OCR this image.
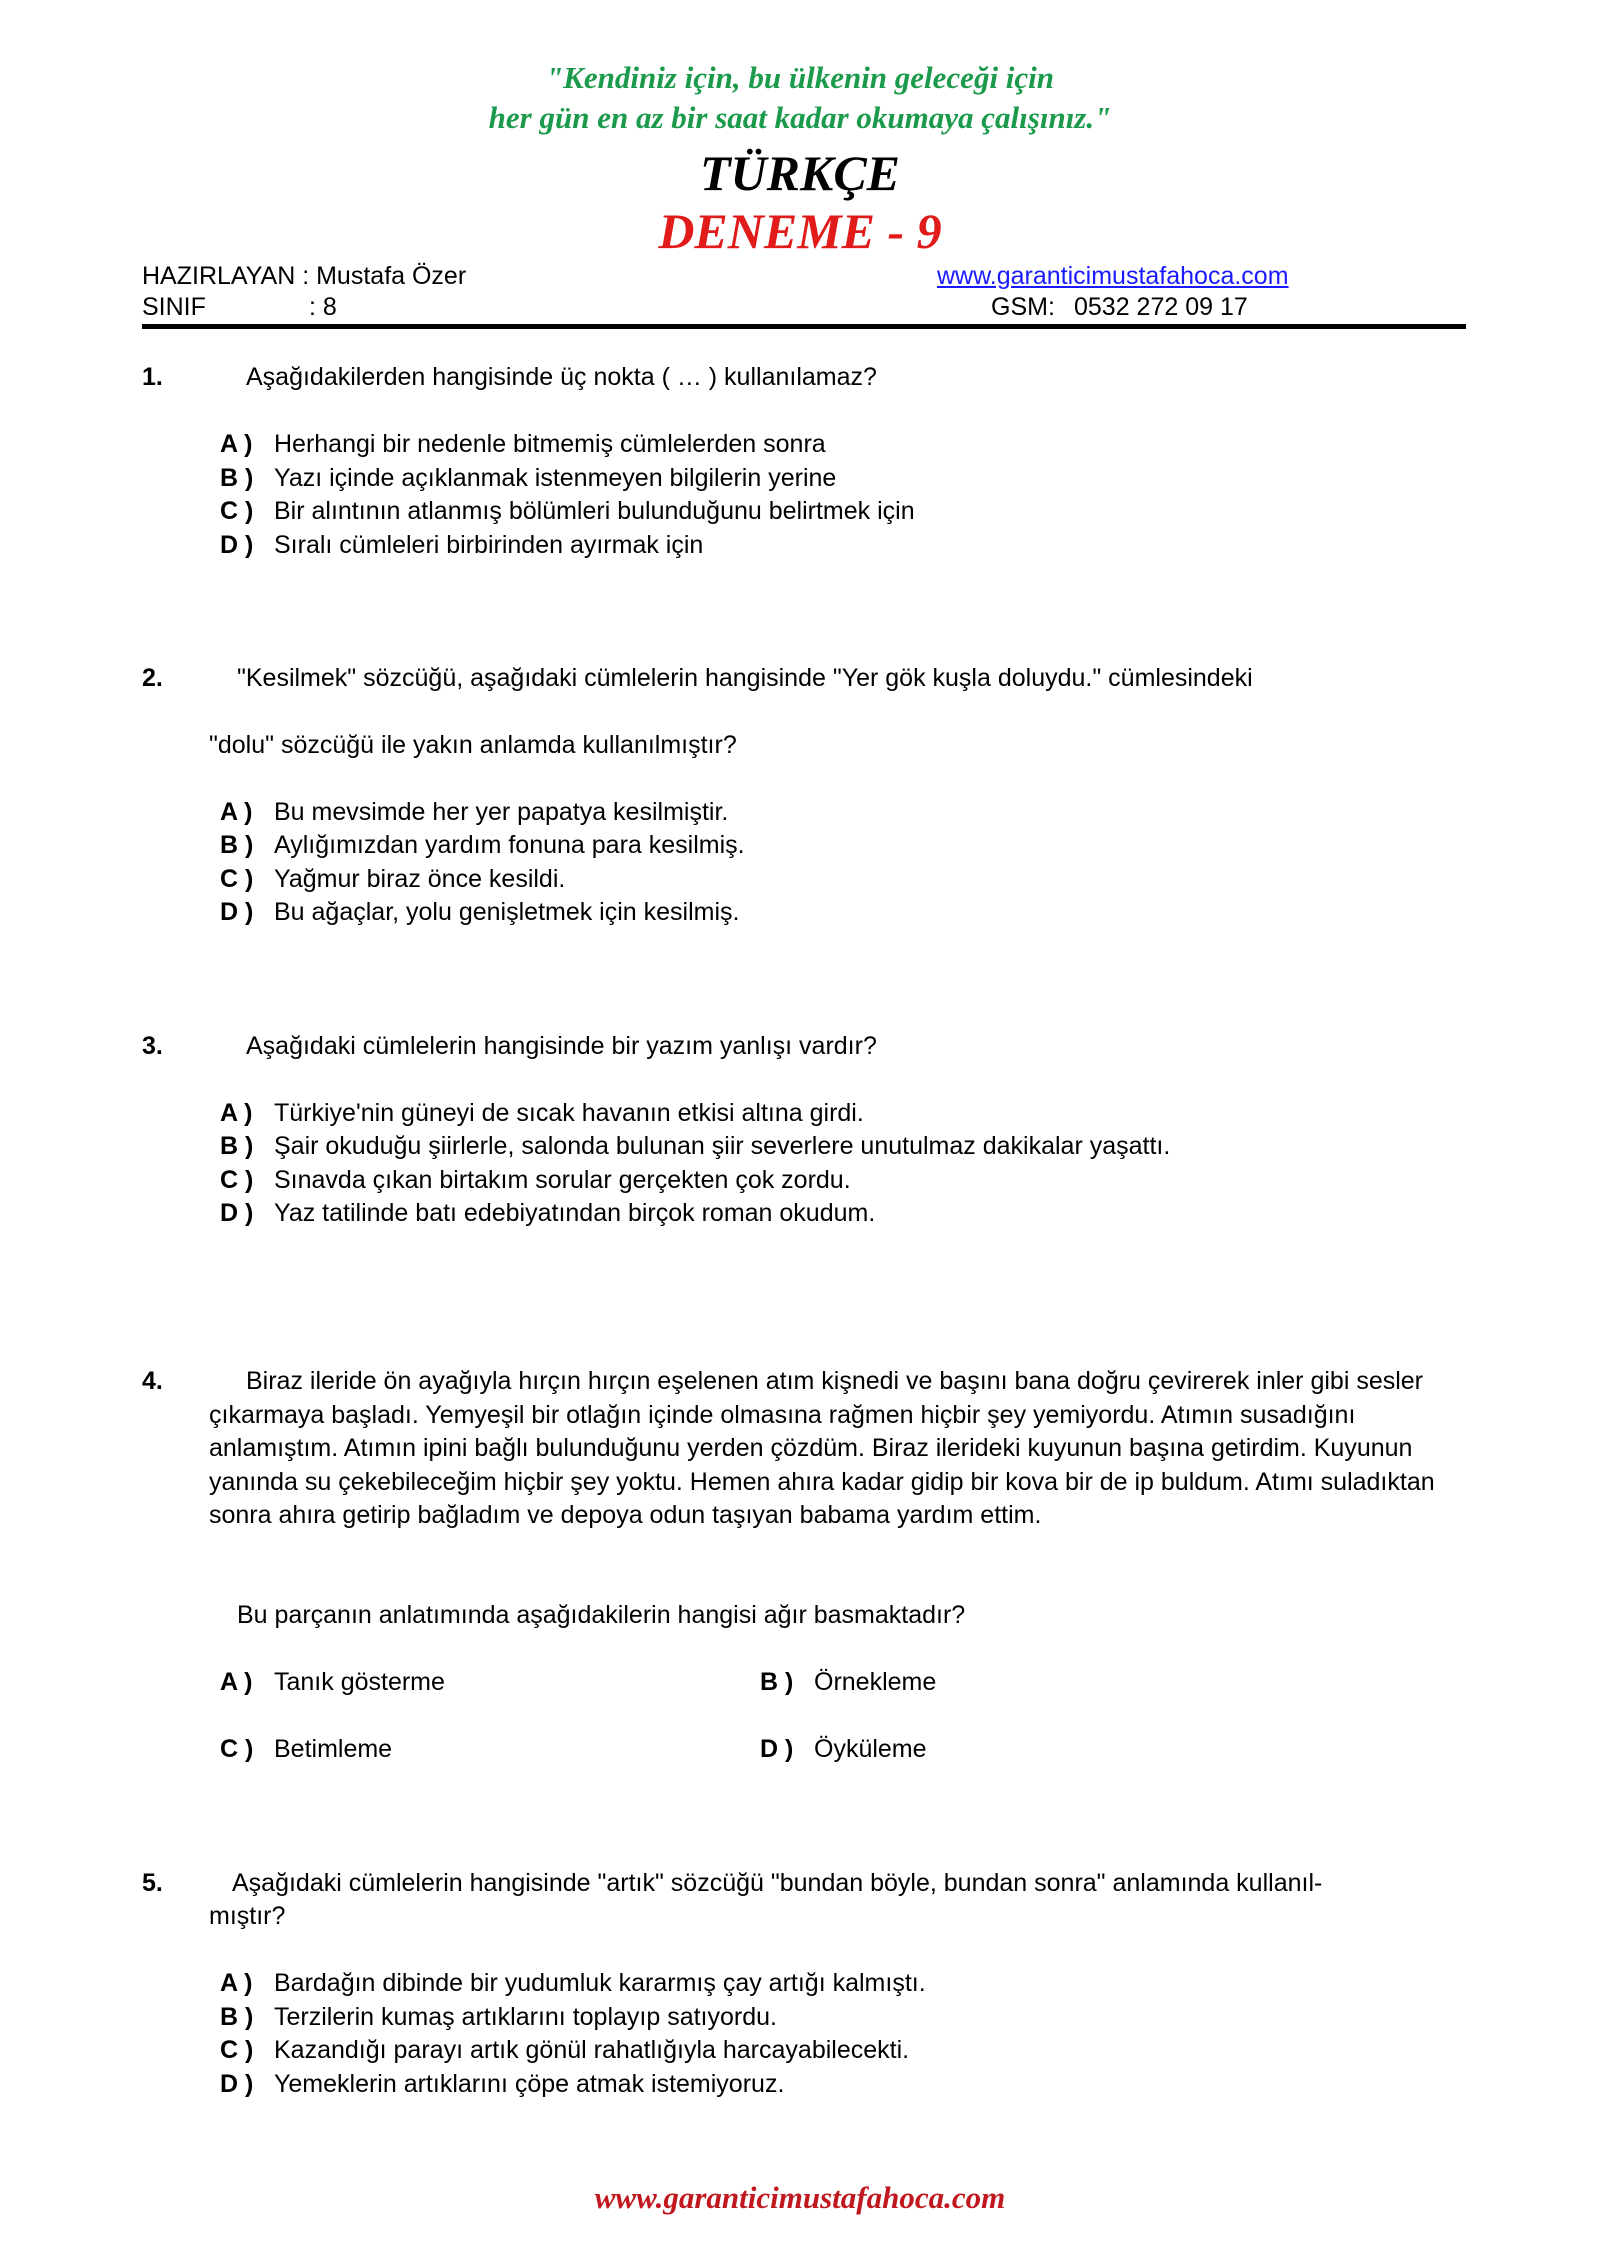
"Kendiniz için, bu ülkenin geleceği için
her gün en az bir saat kadar okumaya çalışınız."
TÜRKÇE
DENEME - 9
HAZIRLAYAN : Mustafa Özer	www.garanticimustafahoca.com
SINIF	: 8	GSM: 0532 272 09 17
1.	Aşağıdakilerden hangisinde üç nokta ( … ) kullanılamaz?
A ) Herhangi bir nedenle bitmemiş cümlelerden sonra
B ) Yazı içinde açıklanmak istenmeyen bilgilerin yerine
C ) Bir alıntının atlanmış bölümleri bulunduğunu belirtmek için
D ) Sıralı cümleleri birbirinden ayırmak için
2.	"Kesilmek" sözcüğü, aşağıdaki cümlelerin hangisinde "Yer gök kuşla doluydu." cümlesindeki
"dolu" sözcüğü ile yakın anlamda kullanılmıştır?
A ) Bu mevsimde her yer papatya kesilmiştir.
B ) Aylığımızdan yardım fonuna para kesilmiş.
C ) Yağmur biraz önce kesildi.
D ) Bu ağaçlar, yolu genişletmek için kesilmiş.
3.	Aşağıdaki cümlelerin hangisinde bir yazım yanlışı vardır?
A ) Türkiye'nin güneyi de sıcak havanın etkisi altına girdi.
B ) Şair okuduğu şiirlerle, salonda bulunan şiir severlere unutulmaz dakikalar yaşattı.
C ) Sınavda çıkan birtakım sorular gerçekten çok zordu.
D ) Yaz tatilinde batı edebiyatından birçok roman okudum.
4.	Biraz ileride ön ayağıyla hırçın hırçın eşelenen atım kişnedi ve başını bana doğru çevirerek inler gibi sesler çıkarmaya başladı. Yemyeşil bir otlağın içinde olmasına rağmen hiçbir şey yemiyordu. Atımın susadığını anlamıştım. Atımın ipini bağlı bulunduğunu yerden çözdüm. Biraz ilerideki kuyunun başına getirdim. Kuyunun yanında su çekebileceğim hiçbir şey yoktu. Hemen ahıra kadar gidip bir kova bir de ip buldum. Atımı suladıktan sonra ahıra getirip bağladım ve depoya odun taşıyan babama yardım ettim.
Bu parçanın anlatımında aşağıdakilerin hangisi ağır basmaktadır?
A ) Tanık gösterme	B ) Örnekleme
C ) Betimleme	D ) Öyküleme
5.	Aşağıdaki cümlelerin hangisinde "artık" sözcüğü "bundan böyle, bundan sonra" anlamında kullanıl-
mıştır?
A ) Bardağın dibinde bir yudumluk kararmış çay artığı kalmıştı.
B ) Terzilerin kumaş artıklarını toplayıp satıyordu.
C ) Kazandığı parayı artık gönül rahatlığıyla harcayabilecekti.
D ) Yemeklerin artıklarını çöpe atmak istemiyoruz.
www.garanticimustafahoca.com
